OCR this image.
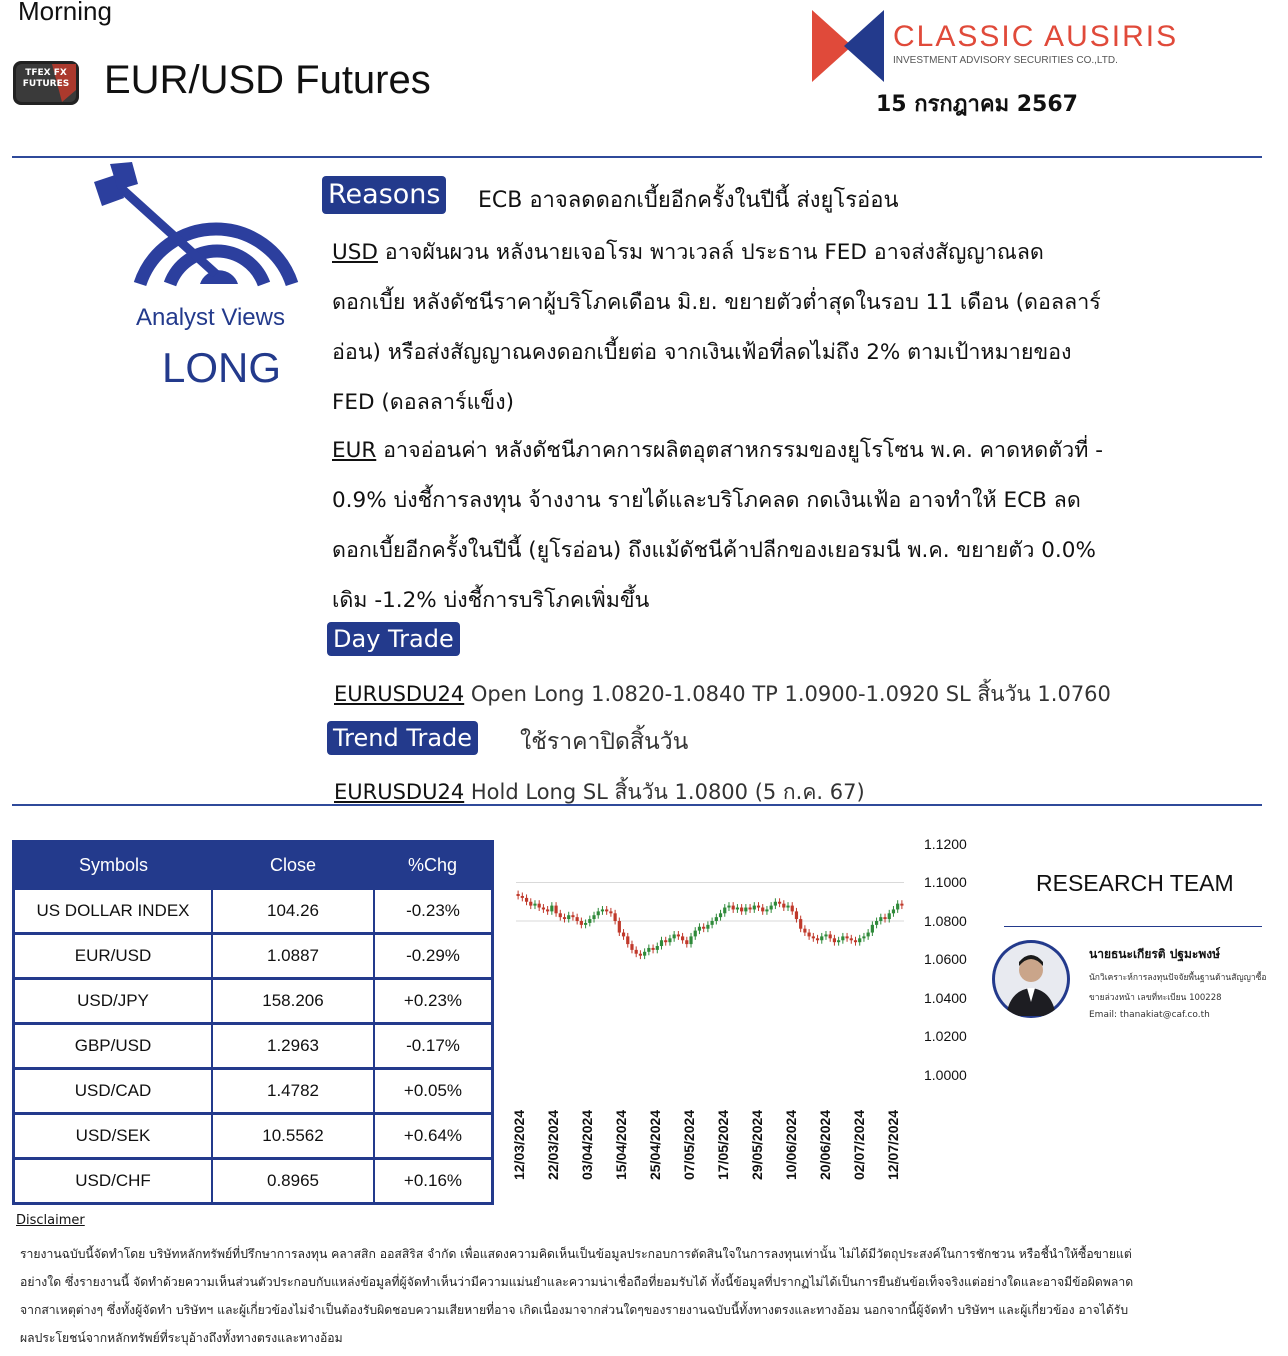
Morning
TFEX FX FUTURES EUR/USD Futures
CLASSIC AUSIRIS
INVESTMENT ADVISORY SECURITIES CO.,LTD.
15 กรกฎาคม 2567
Analyst Views
LONG
Reasons ECB อาจลดดอกเบี้ยอีกครั้งในปีนี้ ส่งยูโรอ่อน
USD อาจผันผวน หลังนายเจอโรม พาวเวลล์ ประธาน FED อาจส่งสัญญาณลด
ดอกเบี้ย หลังดัชนีราคาผู้บริโภคเดือน มิ.ย. ขยายตัวต่ำสุดในรอบ 11 เดือน (ดอลลาร์
อ่อน) หรือส่งสัญญาณคงดอกเบี้ยต่อ จากเงินเฟ้อที่ลดไม่ถึง 2% ตามเป้าหมายของ
FED (ดอลลาร์แข็ง)
EUR อาจอ่อนค่า หลังดัชนีภาคการผลิตอุตสาหกรรมของยูโรโซน พ.ค. คาดหดตัวที่ -
0.9% บ่งชี้การลงทุน จ้างงาน รายได้และบริโภคลด กดเงินเฟ้อ อาจทำให้ ECB ลด
ดอกเบี้ยอีกครั้งในปีนี้ (ยูโรอ่อน) ถึงแม้ดัชนีค้าปลีกของเยอรมนี พ.ค. ขยายตัว 0.0%
เดิม -1.2% บ่งชี้การบริโภคเพิ่มขึ้น
Day Trade
EURUSDU24 Open Long 1.0820-1.0840 TP 1.0900-1.0920 SL สิ้นวัน 1.0760
Trend Trade ใช้ราคาปิดสิ้นวัน
EURUSDU24 Hold Long SL สิ้นวัน 1.0800 (5 ก.ค. 67)
Symbols	Close	%Chg
US DOLLAR INDEX	104.26	-0.23%
EUR/USD	1.0887	-0.29%
USD/JPY	158.206	+0.23%
GBP/USD	1.2963	-0.17%
USD/CAD	1.4782	+0.05%
USD/SEK	10.5562	+0.64%
USD/CHF	0.8965	+0.16%
1.1200
1.1000
1.0800
1.0600
1.0400
1.0200
1.0000
12/03/2024 22/03/2024 03/04/2024 15/04/2024 25/04/2024 07/05/2024 17/05/2024 29/05/2024 10/06/2024 20/06/2024 02/07/2024 12/07/2024
RESEARCH TEAM
นายธนะเกียรติ ปฐมะพงษ์
นักวิเคราะห์การลงทุนปัจจัยพื้นฐานด้านสัญญาซื้อขายล่วงหน้า เลขที่ทะเบียน 100228
Email: thanakiat@caf.co.th
Disclaimer
รายงานฉบับนี้จัดทำโดย บริษัทหลักทรัพย์ที่ปรึกษาการลงทุน คลาสสิก ออสสิริส จำกัด เพื่อแสดงความคิดเห็นเป็นข้อมูลประกอบการตัดสินใจในการลงทุนเท่านั้น ไม่ได้มีวัตถุประสงค์ในการชักชวน หรือชี้นำให้ซื้อขายแต่
อย่างใด ซึ่งรายงานนี้ จัดทำด้วยความเห็นส่วนตัวประกอบกับแหล่งข้อมูลที่ผู้จัดทำเห็นว่ามีความแม่นยำและความน่าเชื่อถือที่ยอมรับได้ ทั้งนี้ข้อมูลที่ปรากฏไม่ได้เป็นการยืนยันข้อเท็จจริงแต่อย่างใดและอาจมีข้อผิดพลาด
จากสาเหตุต่างๆ ซึ่งทั้งผู้จัดทำ บริษัทฯ และผู้เกี่ยวข้องไม่จำเป็นต้องรับผิดชอบความเสียหายที่อาจ เกิดเนื่องมาจากส่วนใดๆของรายงานฉบับนี้ทั้งทางตรงและทางอ้อม นอกจากนี้ผู้จัดทำ บริษัทฯ และผู้เกี่ยวข้อง อาจได้รับ
ผลประโยชน์จากหลักทรัพย์ที่ระบุอ้างถึงทั้งทางตรงและทางอ้อม
